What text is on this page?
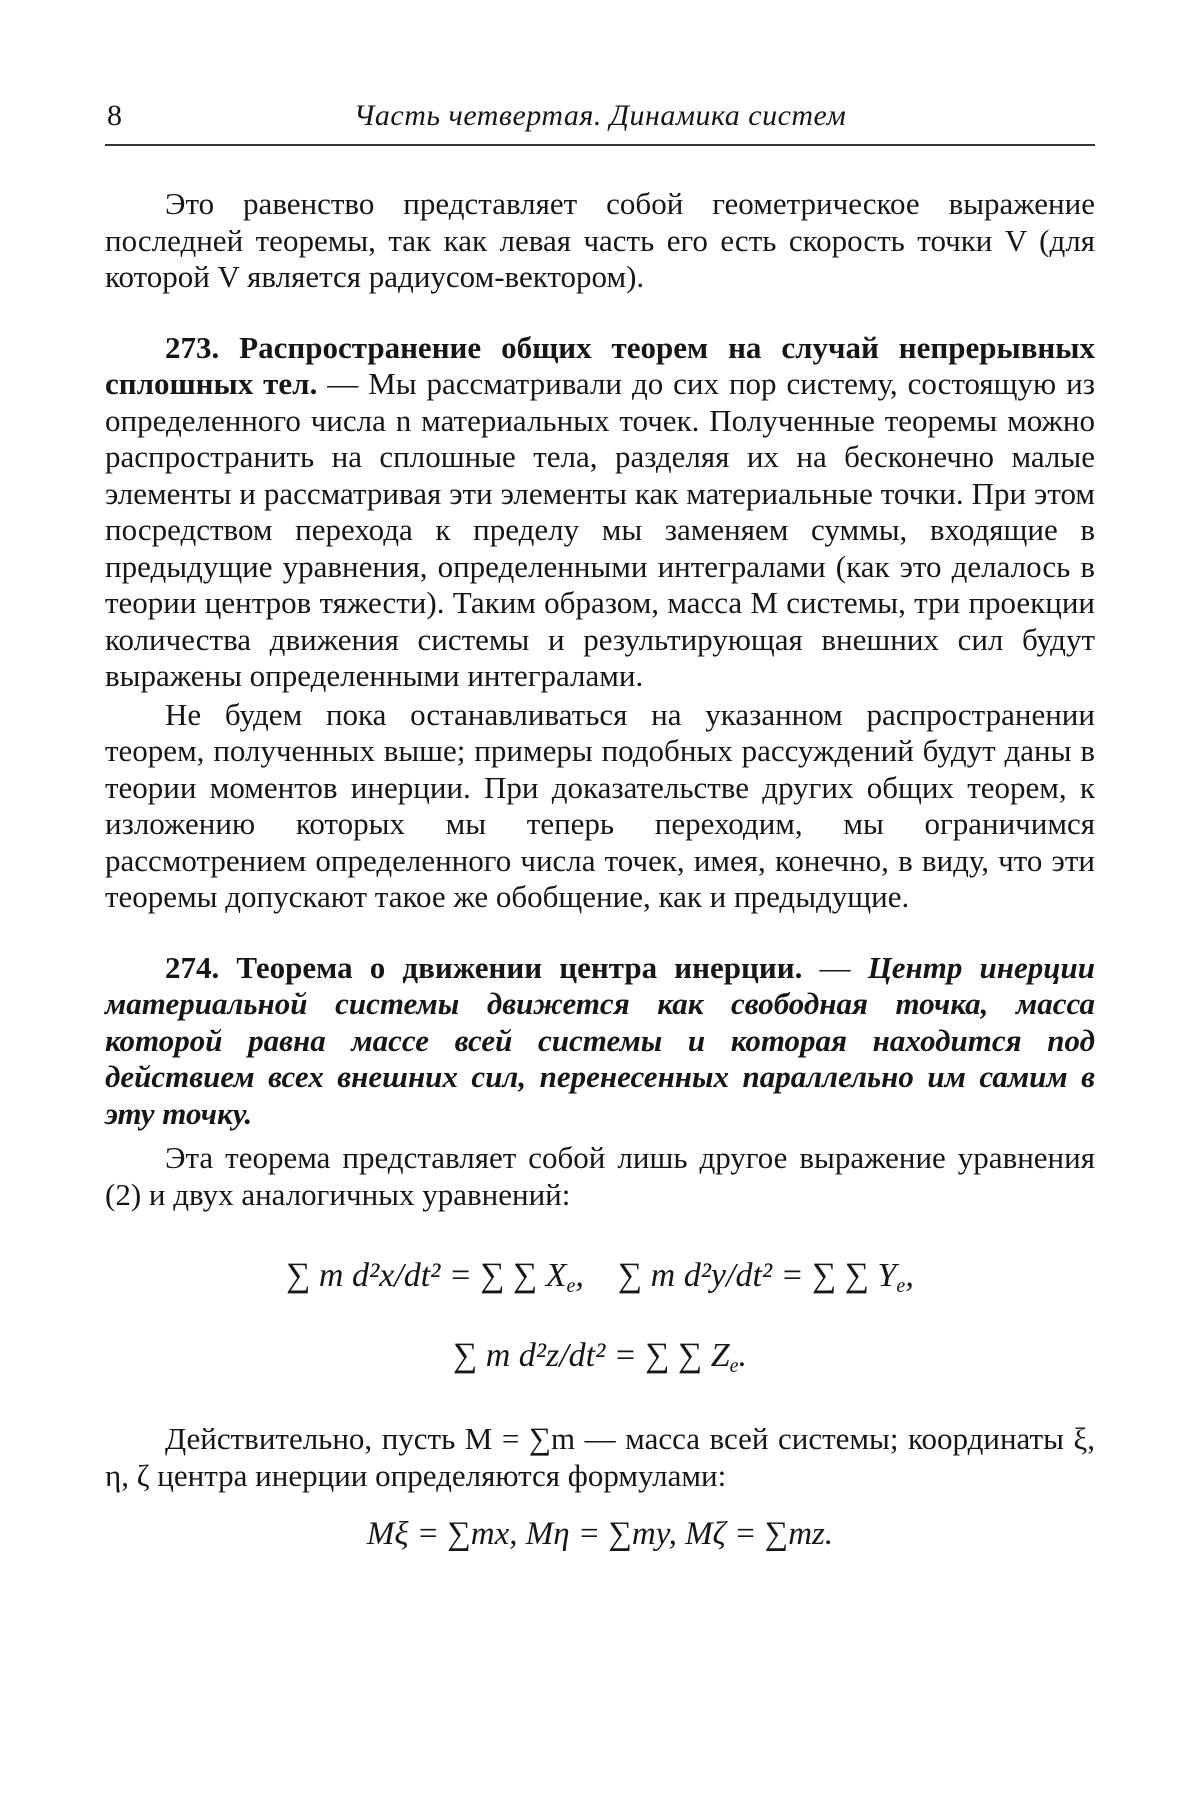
8	Часть четвертая. Динамика систем

Это равенство представляет собой геометрическое выражение последней теоремы, так как левая часть его есть скорость точки V (для которой V является радиусом-вектором).

273. Распространение общих теорем на случай непрерывных сплошных тел. — Мы рассматривали до сих пор систему, состоящую из определенного числа n материальных точек. Полученные теоремы можно распространить на сплошные тела, разделяя их на бесконечно малые элементы и рассматривая эти элементы как материальные точки. При этом посредством перехода к пределу мы заменяем суммы, входящие в предыдущие уравнения, определенными интегралами (как это делалось в теории центров тяжести). Таким образом, масса M системы, три проекции количества движения системы и результирующая внешних сил будут выражены определенными интегралами.

Не будем пока останавливаться на указанном распространении теорем, полученных выше; примеры подобных рассуждений будут даны в теории моментов инерции. При доказательстве других общих теорем, к изложению которых мы теперь переходим, мы ограничимся рассмотрением определенного числа точек, имея, конечно, в виду, что эти теоремы допускают такое же обобщение, как и предыдущие.

274. Теорема о движении центра инерции. — Центр инерции материальной системы движется как свободная точка, масса которой равна массе всей системы и которая находится под действием всех внешних сил, перенесенных параллельно им самим в эту точку.

Эта теорема представляет собой лишь другое выражение уравнения (2) и двух аналогичных уравнений:

∑ m d²x/dt² = ∑ ∑ $X_e$,    ∑ m d²y/dt² = ∑ ∑ $Y_e$,
∑ m d²z/dt² = ∑ ∑ $Z_e$.

Действительно, пусть M = ∑m — масса всей системы; координаты ξ, η, ζ центра инерции определяются формулами:

Mξ = ∑mx, Mη = ∑my, Mζ = ∑mz.
